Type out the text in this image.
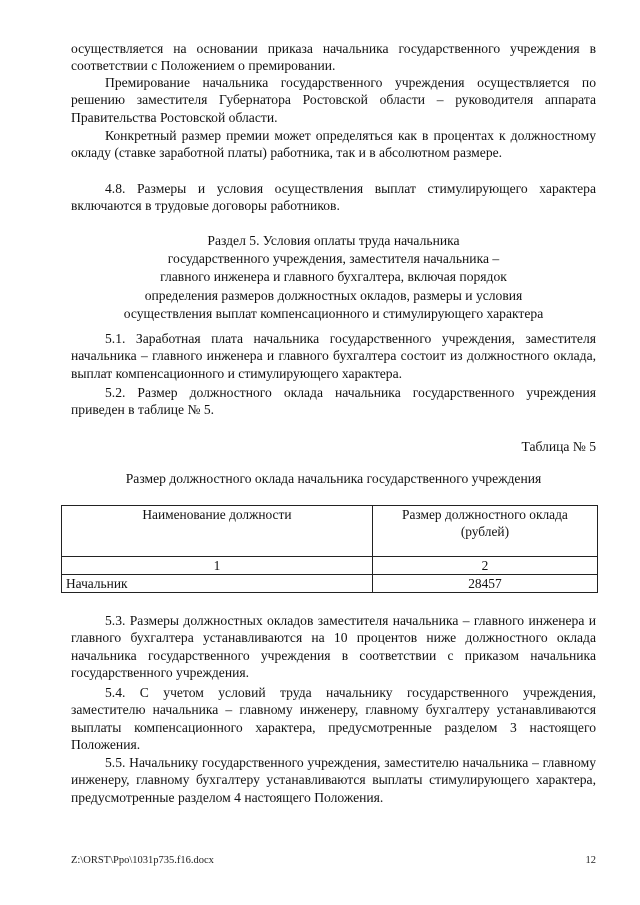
осуществляется на основании приказа начальника государственного учреждения в соответствии с Положением о премировании.

Премирование начальника государственного учреждения осуществляется по решению заместителя Губернатора Ростовской области – руководителя аппарата Правительства Ростовской области.

Конкретный размер премии может определяться как в процентах к должностному окладу (ставке заработной платы) работника, так и в абсолютном размере.

4.8. Размеры и условия осуществления выплат стимулирующего характера включаются в трудовые договоры работников.

Раздел 5. Условия оплаты труда начальника
государственного учреждения, заместителя начальника –
главного инженера и главного бухгалтера, включая порядок
определения размеров должностных окладов, размеры и условия
осуществления выплат компенсационного и стимулирующего характера

5.1. Заработная плата начальника государственного учреждения, заместителя начальника – главного инженера и главного бухгалтера состоит из должностного оклада, выплат компенсационного и стимулирующего характера.

5.2. Размер должностного оклада начальника государственного учреждения приведен в таблице № 5.

Таблица № 5
Размер должностного оклада начальника государственного учреждения
Наименование должности	Размер должностного оклада (рублей)
1	2
Начальник	28457

5.3. Размеры должностных окладов заместителя начальника – главного инженера и главного бухгалтера устанавливаются на 10 процентов ниже должностного оклада начальника государственного учреждения в соответствии с приказом начальника государственного учреждения.

5.4. С учетом условий труда начальнику государственного учреждения, заместителю начальника – главному инженеру, главному бухгалтеру устанавливаются выплаты компенсационного характера, предусмотренные разделом 3 настоящего Положения.

5.5. Начальнику государственного учреждения, заместителю начальника – главному инженеру, главному бухгалтеру устанавливаются выплаты стимулирующего характера, предусмотренные разделом 4 настоящего Положения.

Z:\ORST\Ppo\1031p735.f16.docx	12
